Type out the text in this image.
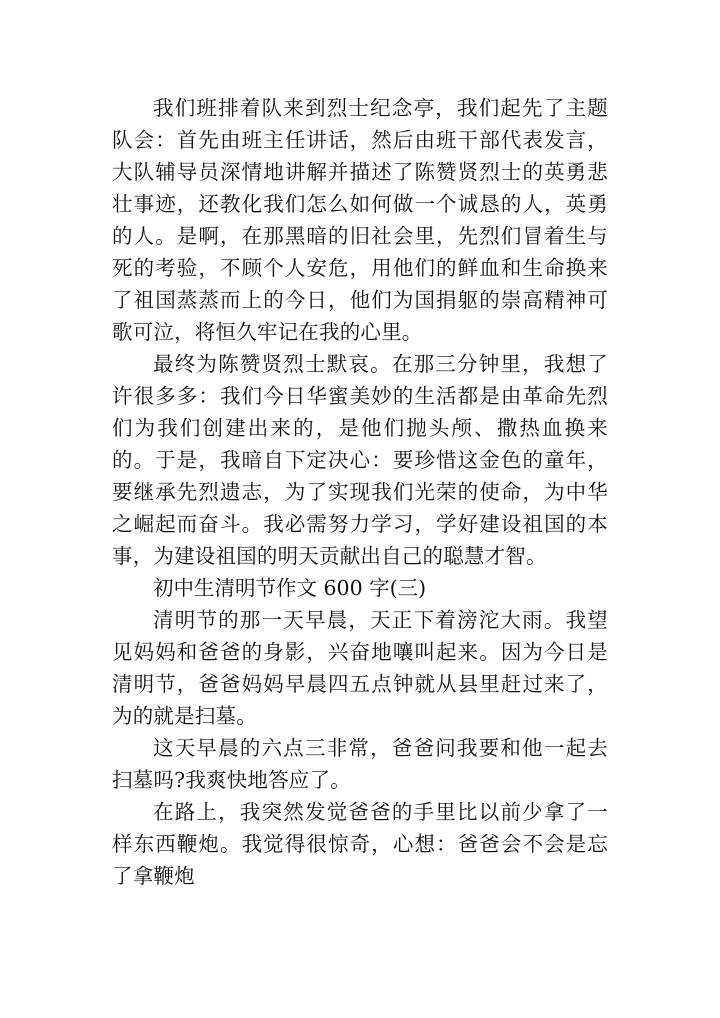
我们班排着队来到烈士纪念亭，我们起先了主题队会：首先由班主任讲话，然后由班干部代表发言，大队辅导员深情地讲解并描述了陈赞贤烈士的英勇悲壮事迹，还教化我们怎么如何做一个诚恳的人，英勇的人。是啊，在那黑暗的旧社会里，先烈们冒着生与死的考验，不顾个人安危，用他们的鲜血和生命换来了祖国蒸蒸而上的今日，他们为国捐躯的崇高精神可歌可泣，将恒久牢记在我的心里。

最终为陈赞贤烈士默哀。在那三分钟里，我想了许很多多：我们今日华蜜美妙的生活都是由革命先烈们为我们创建出来的，是他们抛头颅、撒热血换来的。于是，我暗自下定决心：要珍惜这金色的童年，要继承先烈遗志，为了实现我们光荣的使命，为中华之崛起而奋斗。我必需努力学习，学好建设祖国的本事，为建设祖国的明天贡献出自己的聪慧才智。

初中生清明节作文 600 字(三)

清明节的那一天早晨，天正下着滂沱大雨。我望见妈妈和爸爸的身影，兴奋地嚷叫起来。因为今日是清明节，爸爸妈妈早晨四五点钟就从县里赶过来了，为的就是扫墓。

这天早晨的六点三非常，爸爸问我要和他一起去扫墓吗?我爽快地答应了。

在路上，我突然发觉爸爸的手里比以前少拿了一样东西鞭炮。我觉得很惊奇，心想：爸爸会不会是忘了拿鞭炮
